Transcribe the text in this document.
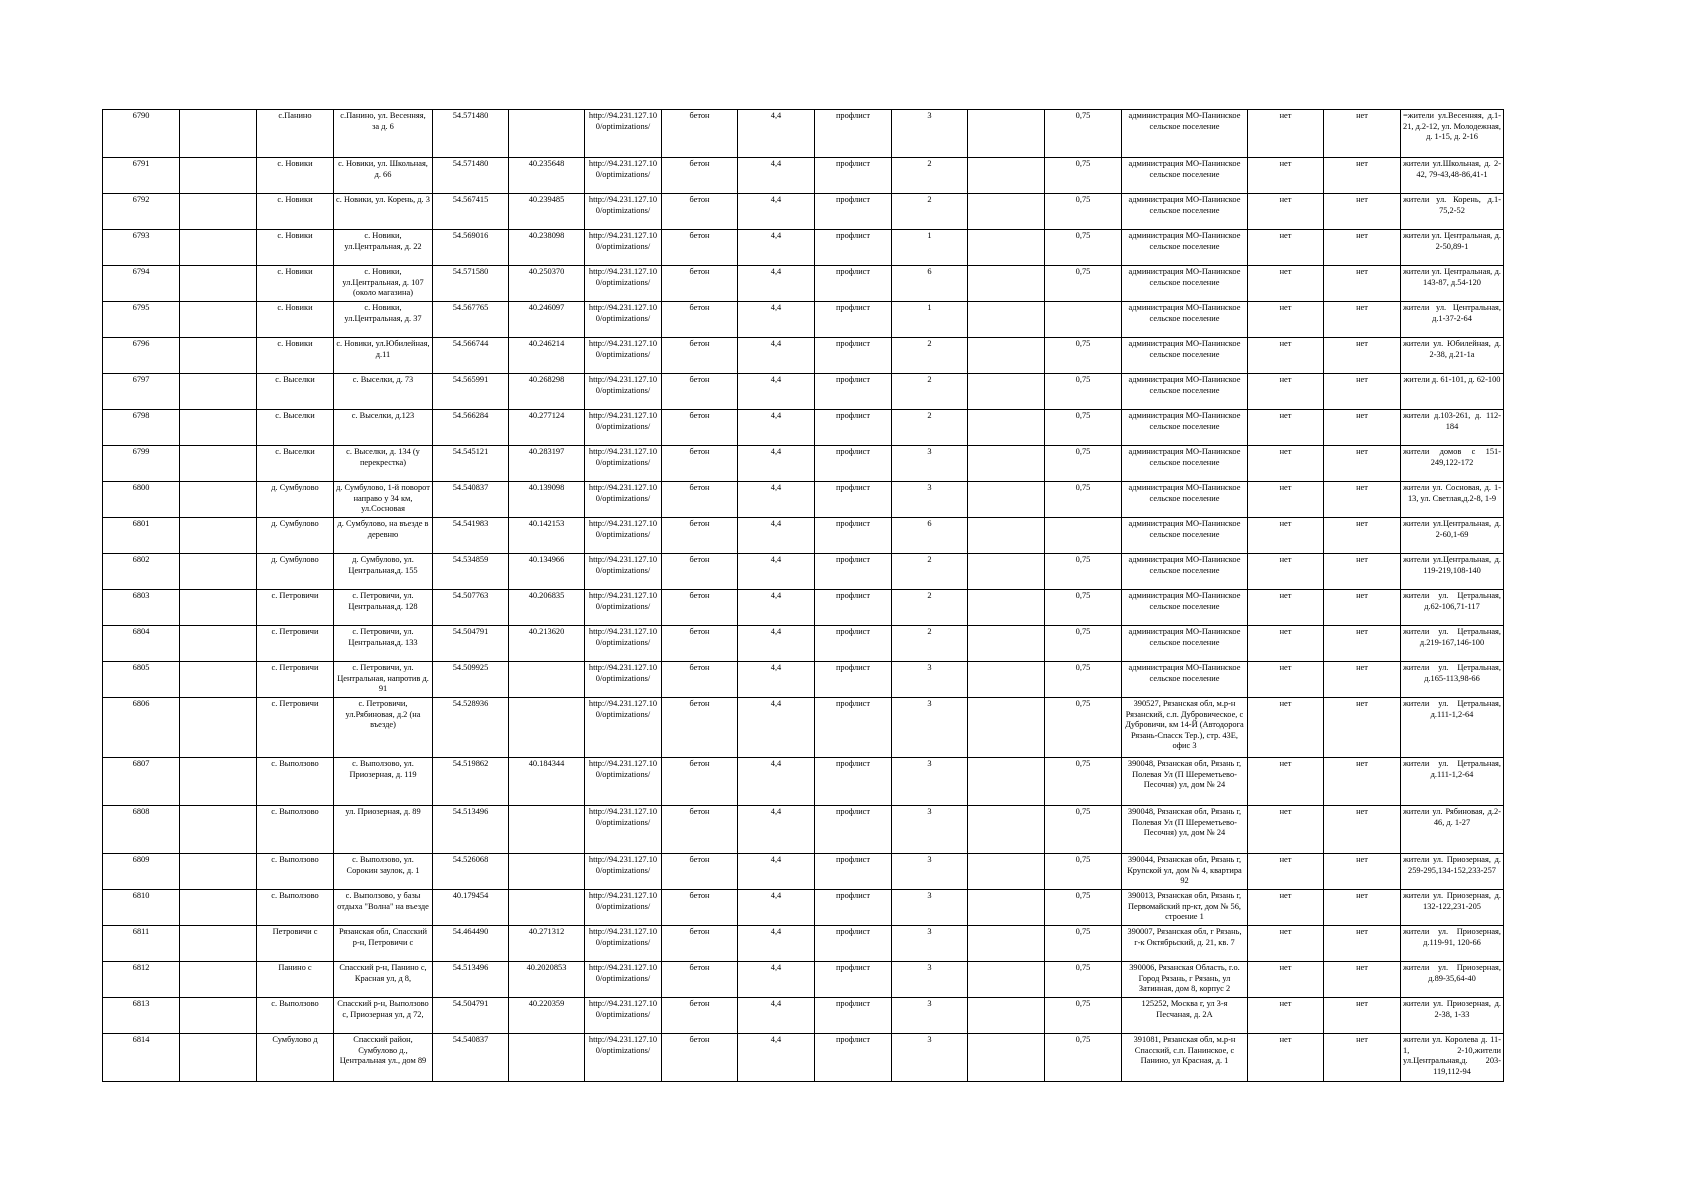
6790		с.Панино	с.Панино, ул. Весенняя, за д. 6	54.571480		http://94.231.127.100/optimizations/	бетон	4,4	профлист	3		0,75	администрация МО-Панинское сельское поселение	нет	нет	=жители ул.Весенняя, д.1-21, д.2-12, ул. Молодежная, д. 1-15, д. 2-16
6791		с. Новики	с. Новики, ул. Школьная, д. 66	54.571480	40.235648	http://94.231.127.100/optimizations/	бетон	4,4	профлист	2		0,75	администрация МО-Панинское сельское поселение	нет	нет	жители ул.Школьная, д. 2-42, 79-43,48-86,41-1
6792		с. Новики	с. Новики, ул. Корень, д. 3	54.567415	40.239485	http://94.231.127.100/optimizations/	бетон	4,4	профлист	2		0,75	администрация МО-Панинское сельское поселение	нет	нет	жители ул. Корень, д.1-75,2-52
6793		с. Новики	с. Новики, ул.Центральная, д. 22	54.569016	40.238098	http://94.231.127.100/optimizations/	бетон	4,4	профлист	1		0,75	администрация МО-Панинское сельское поселение	нет	нет	жители ул. Центральная, д. 2-50,89-1
6794		с. Новики	с. Новики, ул.Центральная, д. 107 (около магазина)	54.571580	40.250370	http://94.231.127.100/optimizations/	бетон	4,4	профлист	6		0,75	администрация МО-Панинское сельское поселение	нет	нет	жители ул. Центральная, д. 143-87, д.54-120
6795		с. Новики	с. Новики, ул.Центральная, д. 37	54.567765	40.246097	http://94.231.127.100/optimizations/	бетон	4,4	профлист	1			администрация МО-Панинское сельское поселение	нет	нет	жители ул. Центральная, д.1-37-2-64
6796		с. Новики	с. Новики, ул.Юбилейная, д.11	54.566744	40.246214	http://94.231.127.100/optimizations/	бетон	4,4	профлист	2		0,75	администрация МО-Панинское сельское поселение	нет	нет	жители ул. Юбилейная, д. 2-38, д.21-1а
6797		с. Выселки	с. Выселки, д. 73	54.565991	40.268298	http://94.231.127.100/optimizations/	бетон	4,4	профлист	2		0,75	администрация МО-Панинское сельское поселение	нет	нет	жители д. 61-101, д. 62-100
6798		с. Выселки	с. Выселки, д.123	54.566284	40.277124	http://94.231.127.100/optimizations/	бетон	4,4	профлист	2		0,75	администрация МО-Панинское сельское поселение	нет	нет	жители д.103-261, д. 112-184
6799		с. Выселки	с. Выселки, д. 134 (у перекрестка)	54.545121	40.283197	http://94.231.127.100/optimizations/	бетон	4,4	профлист	3		0,75	администрация МО-Панинское сельское поселение	нет	нет	жители домов с 151-249,122-172
6800		д. Сумбулово	д. Сумбулово, 1-й поворот направо у 34 км, ул.Сосновая	54.540837	40.139098	http://94.231.127.100/optimizations/	бетон	4,4	профлист	3		0,75	администрация МО-Панинское сельское поселение	нет	нет	жители ул. Сосновая, д. 1-13, ул. Светлая,д.2-8, 1-9
6801		д. Сумбулово	д. Сумбулово, на въезде в деревню	54.541983	40.142153	http://94.231.127.100/optimizations/	бетон	4,4	профлист	6			администрация МО-Панинское сельское поселение	нет	нет	жители ул.Центральная, д. 2-60,1-69
6802		д. Сумбулово	д. Сумбулово, ул. Центральная,д. 155	54.534859	40.134966	http://94.231.127.100/optimizations/	бетон	4,4	профлист	2		0,75	администрация МО-Панинское сельское поселение	нет	нет	жители ул.Центральная, д. 119-219,108-140
6803		с. Петровичи	с. Петровичи, ул. Центральная,д. 128	54.507763	40.206835	http://94.231.127.100/optimizations/	бетон	4,4	профлист	2		0,75	администрация МО-Панинское сельское поселение	нет	нет	жители ул. Цетральная, д.62-106,71-117
6804		с. Петровичи	с. Петровичи, ул. Центральная,д. 133	54.504791	40.213620	http://94.231.127.100/optimizations/	бетон	4,4	профлист	2		0,75	администрация МО-Панинское сельское поселение	нет	нет	жители ул. Цетральная, д.219-167,146-100
6805		с. Петровичи	с. Петровичи, ул. Центральная, напротив д. 91	54.509925		http://94.231.127.100/optimizations/	бетон	4,4	профлист	3		0,75	администрация МО-Панинское сельское поселение	нет	нет	жители ул. Цетральная, д.165-113,98-66
6806		с. Петровичи	с. Петровичи, ул.Рябиновая, д.2 (на въезде)	54.528936		http://94.231.127.100/optimizations/	бетон	4,4	профлист	3		0,75	390527, Рязанская обл, м.р-н Рязанский, с.п. Дубровическое, с Дубровичи, км 14-Й (Автодорога Рязань-Спасск Тер.), стр. 43Е, офис 3	нет	нет	жители ул. Цетральная, д.111-1,2-64
6807		с. Выползово	с. Выползово, ул. Приозерная, д. 119	54.519862	40.184344	http://94.231.127.100/optimizations/	бетон	4,4	профлист	3		0,75	390048, Рязанская обл, Рязань г, Полевая Ул (П Шереметьево-Песочня) ул, дом № 24	нет	нет	жители ул. Цетральная, д.111-1,2-64
6808		с. Выползово	ул. Приозерная, д. 89	54.513496		http://94.231.127.100/optimizations/	бетон	4,4	профлист	3		0,75	390048, Рязанская обл, Рязань г, Полевая Ул (П Шереметьево-Песочня) ул, дом № 24	нет	нет	жители ул. Рябиновая, д.2-46, д. 1-27
6809		с. Выползово	с. Выползово, ул. Сорокин заулок, д. 1	54.526068		http://94.231.127.100/optimizations/	бетон	4,4	профлист	3		0,75	390044, Рязанская обл, Рязань г, Крупской ул, дом № 4, квартира 92	нет	нет	жители ул. Приозерная, д. 259-295,134-152,233-257
6810		с. Выползово	с. Выползово, у базы отдыха "Волна" на въезде	40.179454		http://94.231.127.100/optimizations/	бетон	4,4	профлист	3		0,75	390013, Рязанская обл, Рязань г, Первомайский пр-кт, дом № 56, строение 1	нет	нет	жители ул. Приозерная, д. 132-122,231-205
6811		Петровичи с	Рязанская обл, Спасский р-н, Петровичи с	54.464490	40.271312	http://94.231.127.100/optimizations/	бетон	4,4	профлист	3		0,75	390007, Рязанская обл, г Рязань, г-к Октябрьский, д. 21, кв. 7	нет	нет	жители ул. Приозерная, д.119-91, 120-66
6812		Панино с	Спасский р-н, Панино с, Красная ул, д 8,	54.513496	40.2020853	http://94.231.127.100/optimizations/	бетон	4,4	профлист	3		0,75	390006, Рязанская Область, г.о. Город Рязань, г Рязань, ул Затинная, дом 8, корпус 2	нет	нет	жители ул. Приозерная, д.89-35,64-40
6813		с. Выползово	Спасский р-н, Выползово с, Приозерная ул, д 72,	54.504791	40.220359	http://94.231.127.100/optimizations/	бетон	4,4	профлист	3		0,75	125252, Москва г, ул 3-я Песчаная, д. 2А	нет	нет	жители ул. Приозерная, д. 2-38, 1-33
6814		Сумбулово д	Спасский район, Сумбулово д., Центральная ул., дом 89	54.540837		http://94.231.127.100/optimizations/	бетон	4,4	профлист	3		0,75	391081, Рязанская обл, м.р-н Спасский, с.п. Панинское, с Панино, ул Красная, д. 1	нет	нет	жители ул. Королева д. 11-1, 2-10,жители ул.Центральная,д. 203-119,112-94
